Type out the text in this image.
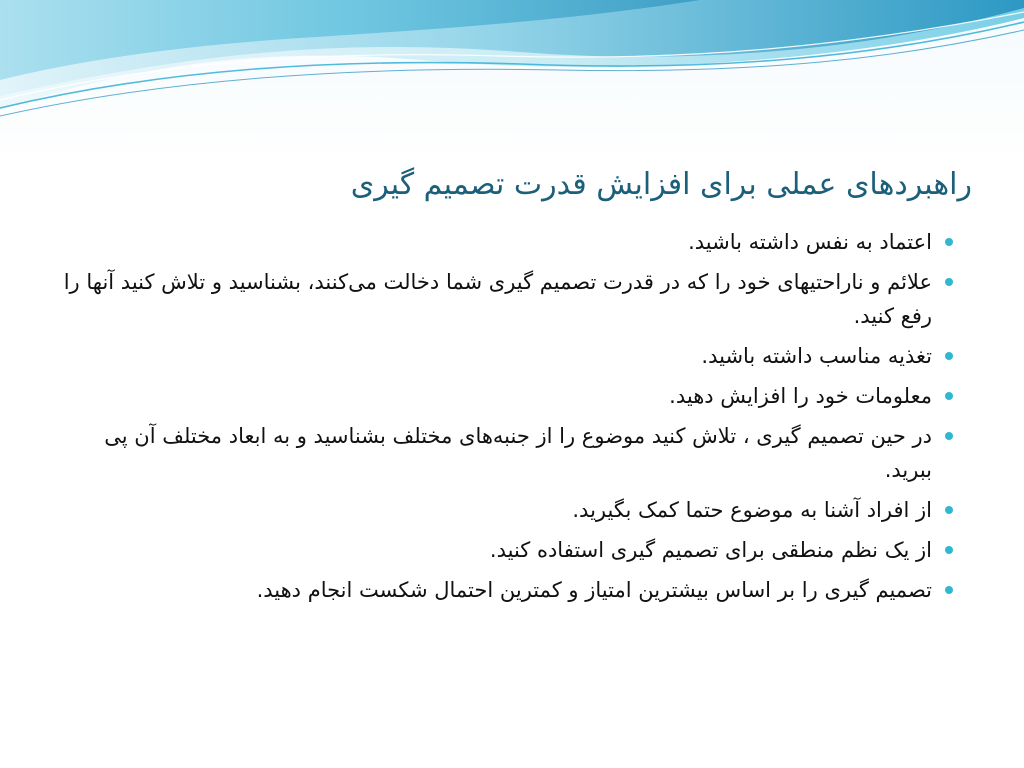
راهبردهای عملی برای افزایش قدرت تصمیم گیری
اعتماد به نفس داشته باشید.
علائم و ناراحتیهای خود را که در قدرت تصمیم گیری شما دخالت می‌کنند، بشناسید و تلاش کنید آنها را رفع کنید.
تغذیه مناسب داشته باشید.
معلومات خود را افزایش دهید.
در حین تصمیم گیری ، تلاش کنید موضوع را از جنبه‌های مختلف بشناسید و به ابعاد مختلف آن پی ببرید.
از افراد آشنا به موضوع حتما کمک بگیرید.
از یک نظم منطقی برای تصمیم گیری استفاده کنید.
تصمیم گیری را بر اساس بیشترین امتیاز و کمترین احتمال شکست انجام دهید.
